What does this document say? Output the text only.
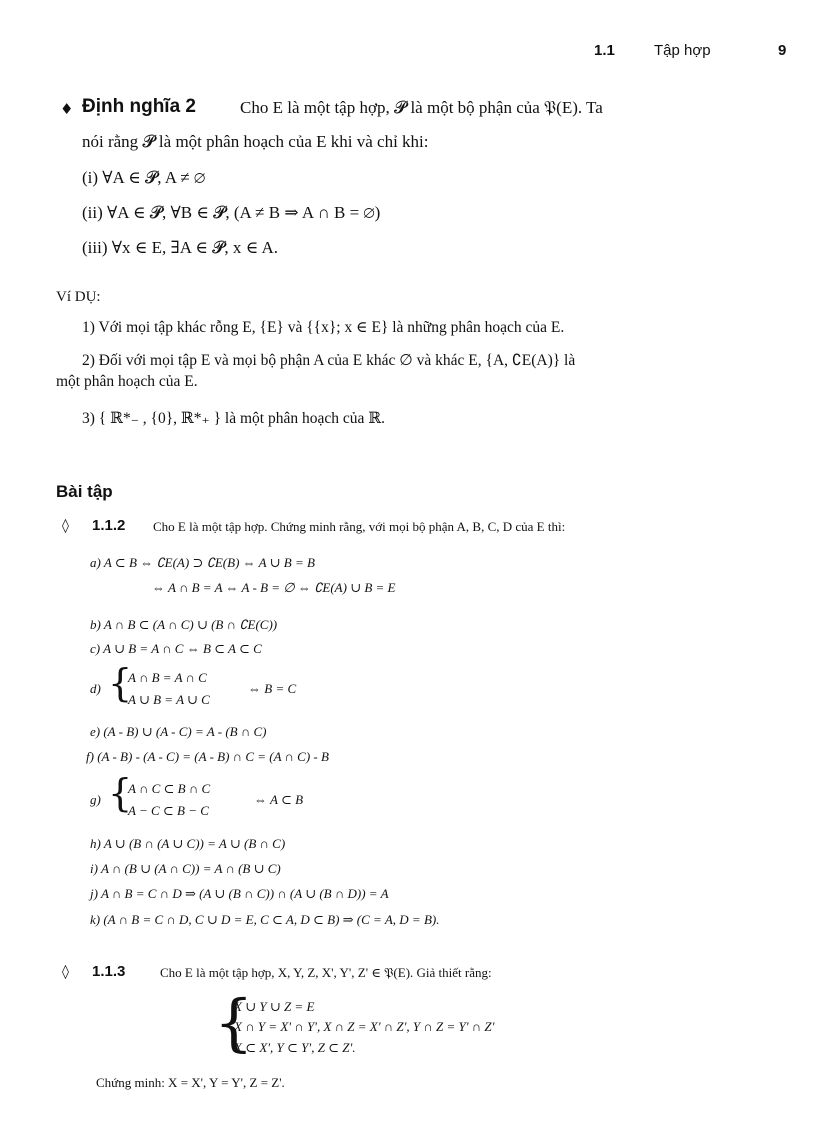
1.1	Tập hợp	9
♦ Định nghĩa 2	Cho E là một tập hợp, 𝓟 là một bộ phận của 𝔓(E). Ta
nói rằng 𝓟 là một phân hoạch của E khi và chỉ khi:
(i) ∀A ∈ 𝓟, A ≠ ∅
(ii) ∀A ∈ 𝓟, ∀B ∈ 𝓟, (A ≠ B ⇒ A ∩ B = ∅)
(iii) ∀x ∈ E, ∃A ∈ 𝓟, x ∈ A.
Ví DỤ:
1) Với mọi tập khác rỗng E, {E} và {{x}; x ∈ E} là những phân hoạch của E.
2) Đối với mọi tập E và mọi bộ phận A của E khác ∅ và khác E, {A, ∁E(A)} là
một phân hoạch của E.
3) { ℝ*₋ , {0}, ℝ*₊ } là một phân hoạch của ℝ.
Bài tập
◊ 1.1.2 Cho E là một tập hợp. Chứng minh rằng, với mọi bộ phận A, B, C, D của E thì:
a) A ⊂ B ⇔ ∁E(A) ⊃ ∁E(B) ⇔ A ∪ B = B
⇔ A ∩ B = A ⇔ A - B = ∅ ⇔ ∁E(A) ∪ B = E
b) A ∩ B ⊂ (A ∩ C) ∪ (B ∩ ∁E(C))
c) A ∪ B = A ∩ C ⇔ B ⊂ A ⊂ C
d) {
A ∩ B = A ∩ C
A ∪ B = A ∪ C
⇔ B = C
e) (A - B) ∪ (A - C) = A - (B ∩ C)
f) (A - B) - (A - C) = (A - B) ∩ C = (A ∩ C) - B
g) {
A ∩ C ⊂ B ∩ C
A − C ⊂ B − C
⇔ A ⊂ B
h) A ∪ (B ∩ (A ∪ C)) = A ∪ (B ∩ C)
i) A ∩ (B ∪ (A ∩ C)) = A ∩ (B ∪ C)
j) A ∩ B = C ∩ D ⇒ (A ∪ (B ∩ C)) ∩ (A ∪ (B ∩ D)) = A
k) (A ∩ B = C ∩ D, C ∪ D = E, C ⊂ A, D ⊂ B) ⇒ (C = A, D = B).
◊ 1.1.3	Cho E là một tập hợp, X, Y, Z, X', Y', Z' ∈ 𝔓(E). Giả thiết rằng:
{
X ∪ Y ∪ Z = E
X ∩ Y = X' ∩ Y', X ∩ Z = X' ∩ Z', Y ∩ Z = Y' ∩ Z'
X ⊂ X', Y ⊂ Y', Z ⊂ Z'.
Chứng minh: X = X', Y = Y', Z = Z'.
